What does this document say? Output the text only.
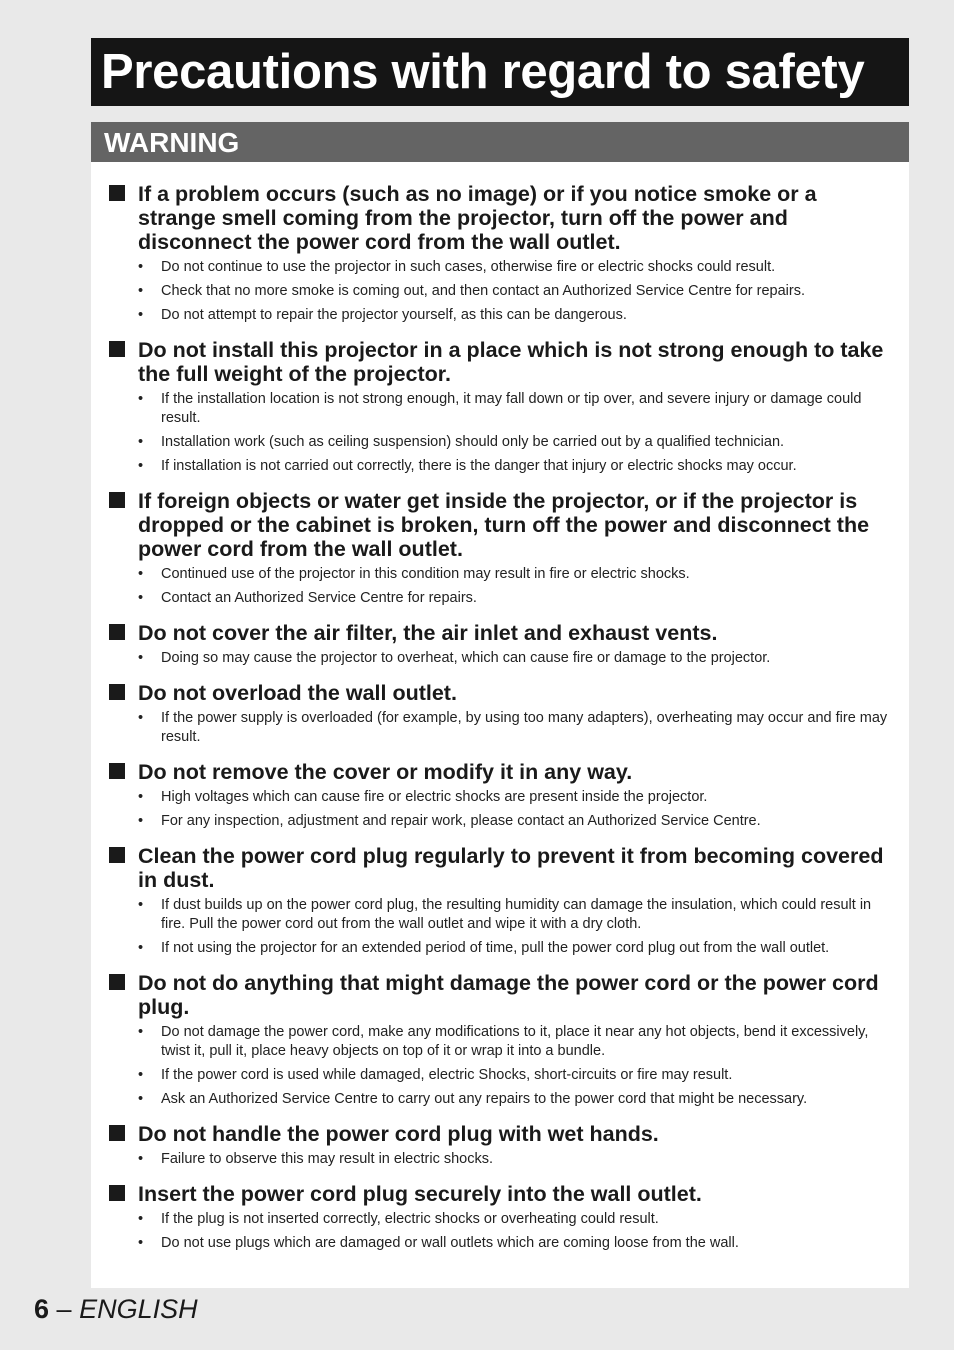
Precautions with regard to safety
WARNING
If a problem occurs (such as no image) or if you notice smoke or a strange smell coming from the projector, turn off the power and disconnect the power cord from the wall outlet.
• Do not continue to use the projector in such cases, otherwise fire or electric shocks could result.
• Check that no more smoke is coming out, and then contact an Authorized Service Centre for repairs.
• Do not attempt to repair the projector yourself, as this can be dangerous.
Do not install this projector in a place which is not strong enough to take the full weight of the projector.
• If the installation location is not strong enough, it may fall down or tip over, and severe injury or damage could result.
• Installation work (such as ceiling suspension) should only be carried out by a qualified technician.
• If installation is not carried out correctly, there is the danger that injury or electric shocks may occur.
If foreign objects or water get inside the projector, or if the projector is dropped or the cabinet is broken, turn off the power and disconnect the power cord from the wall outlet.
• Continued use of the projector in this condition may result in fire or electric shocks.
• Contact an Authorized Service Centre for repairs.
Do not cover the air filter, the air inlet and exhaust vents.
• Doing so may cause the projector to overheat, which can cause fire or damage to the projector.
Do not overload the wall outlet.
• If the power supply is overloaded (for example, by using too many adapters), overheating may occur and fire may result.
Do not remove the cover or modify it in any way.
• High voltages which can cause fire or electric shocks are present inside the projector.
• For any inspection, adjustment and repair work, please contact an Authorized Service Centre.
Clean the power cord plug regularly to prevent it from becoming covered in dust.
• If dust builds up on the power cord plug, the resulting humidity can damage the insulation, which could result in fire. Pull the power cord out from the wall outlet and wipe it with a dry cloth.
• If not using the projector for an extended period of time, pull the power cord plug out from the wall outlet.
Do not do anything that might damage the power cord or the power cord plug.
• Do not damage the power cord, make any modifications to it, place it near any hot objects, bend it excessively, twist it, pull it, place heavy objects on top of it or wrap it into a bundle.
• If the power cord is used while damaged, electric Shocks, short-circuits or fire may result.
• Ask an Authorized Service Centre to carry out any repairs to the power cord that might be necessary.
Do not handle the power cord plug with wet hands.
• Failure to observe this may result in electric shocks.
Insert the power cord plug securely into the wall outlet.
• If the plug is not inserted correctly, electric shocks or overheating could result.
• Do not use plugs which are damaged or wall outlets which are coming loose from the wall.
6 – ENGLISH
